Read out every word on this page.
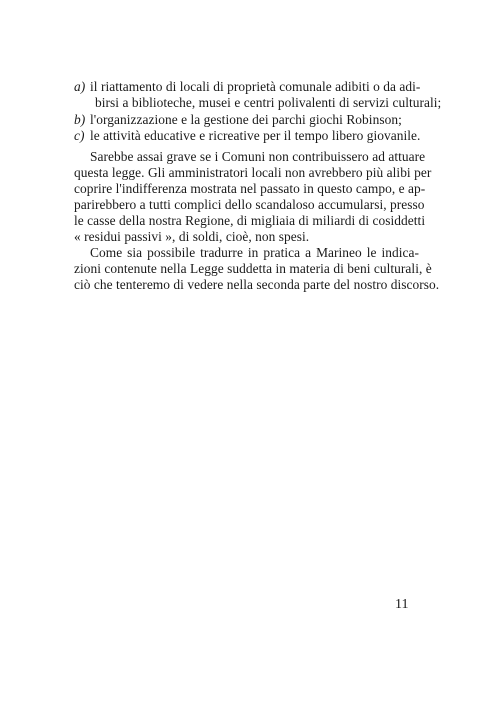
a) il riattamento di locali di proprietà comunale adibiti o da adi-
birsi a biblioteche, musei e centri polivalenti di servizi culturali;
b) l'organizzazione e la gestione dei parchi giochi Robinson;
c) le attività educative e ricreative per il tempo libero giovanile.
Sarebbe assai grave se i Comuni non contribuissero ad attuare
questa legge. Gli amministratori locali non avrebbero più alibi per
coprire l'indifferenza mostrata nel passato in questo campo, e ap-
parirebbero a tutti complici dello scandaloso accumularsi, presso
le casse della nostra Regione, di migliaia di miliardi di cosiddetti
« residui passivi », di soldi, cioè, non spesi.
Come sia possibile tradurre in pratica a Marineo le indica-
zioni contenute nella Legge suddetta in materia di beni culturali, è
ciò che tenteremo di vedere nella seconda parte del nostro discorso.
11
